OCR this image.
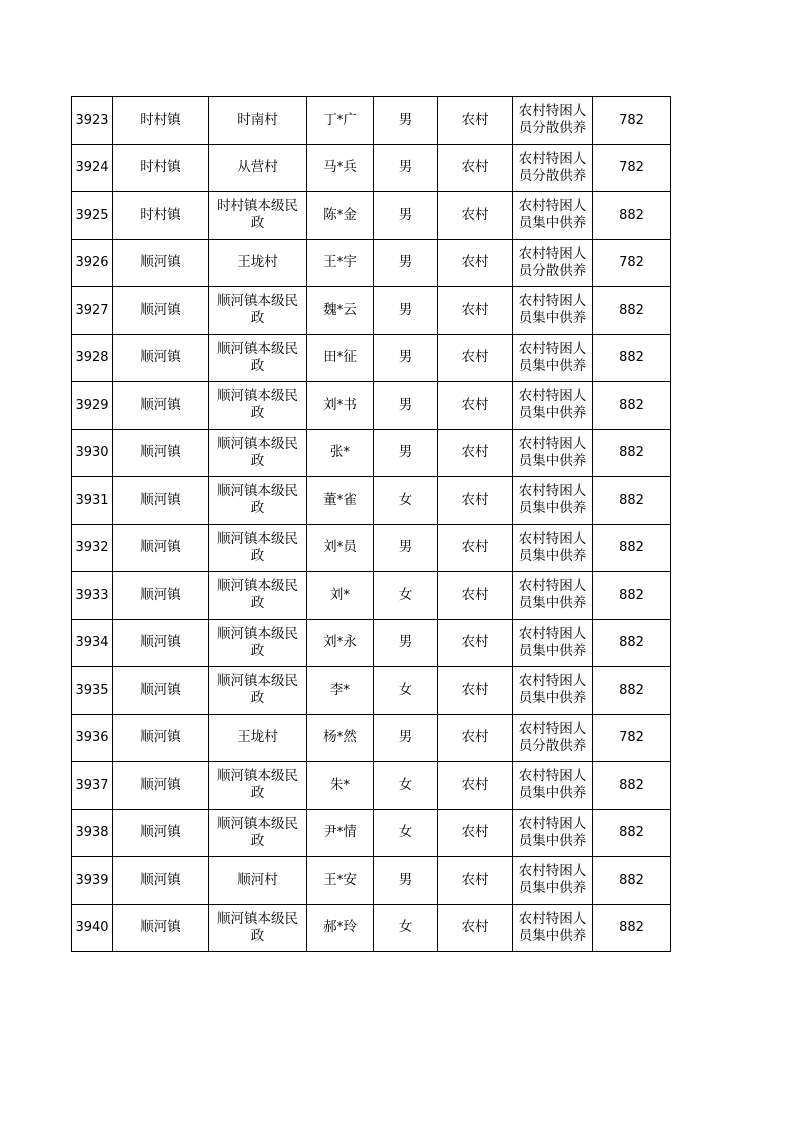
3923	时村镇	时南村	丁*广	男	农村	农村特困人员分散供养	782

3924	时村镇	从营村	马*兵	男	农村	农村特困人员分散供养	782

3925	时村镇	时村镇本级民政	陈*金	男	农村	农村特困人员集中供养	882

3926	顺河镇	王垅村	王*宇	男	农村	农村特困人员分散供养	782

3927	顺河镇	顺河镇本级民政	魏*云	男	农村	农村特困人员集中供养	882

3928	顺河镇	顺河镇本级民政	田*征	男	农村	农村特困人员集中供养	882

3929	顺河镇	顺河镇本级民政	刘*书	男	农村	农村特困人员集中供养	882

3930	顺河镇	顺河镇本级民政	张*	男	农村	农村特困人员集中供养	882

3931	顺河镇	顺河镇本级民政	董*雀	女	农村	农村特困人员集中供养	882

3932	顺河镇	顺河镇本级民政	刘*员	男	农村	农村特困人员集中供养	882

3933	顺河镇	顺河镇本级民政	刘*	女	农村	农村特困人员集中供养	882

3934	顺河镇	顺河镇本级民政	刘*永	男	农村	农村特困人员集中供养	882

3935	顺河镇	顺河镇本级民政	李*	女	农村	农村特困人员集中供养	882

3936	顺河镇	王垅村	杨*然	男	农村	农村特困人员分散供养	782

3937	顺河镇	顺河镇本级民政	朱*	女	农村	农村特困人员集中供养	882

3938	顺河镇	顺河镇本级民政	尹*情	女	农村	农村特困人员集中供养	882

3939	顺河镇	顺河村	王*安	男	农村	农村特困人员集中供养	882

3940	顺河镇	顺河镇本级民政	郝*玲	女	农村	农村特困人员集中供养	882
